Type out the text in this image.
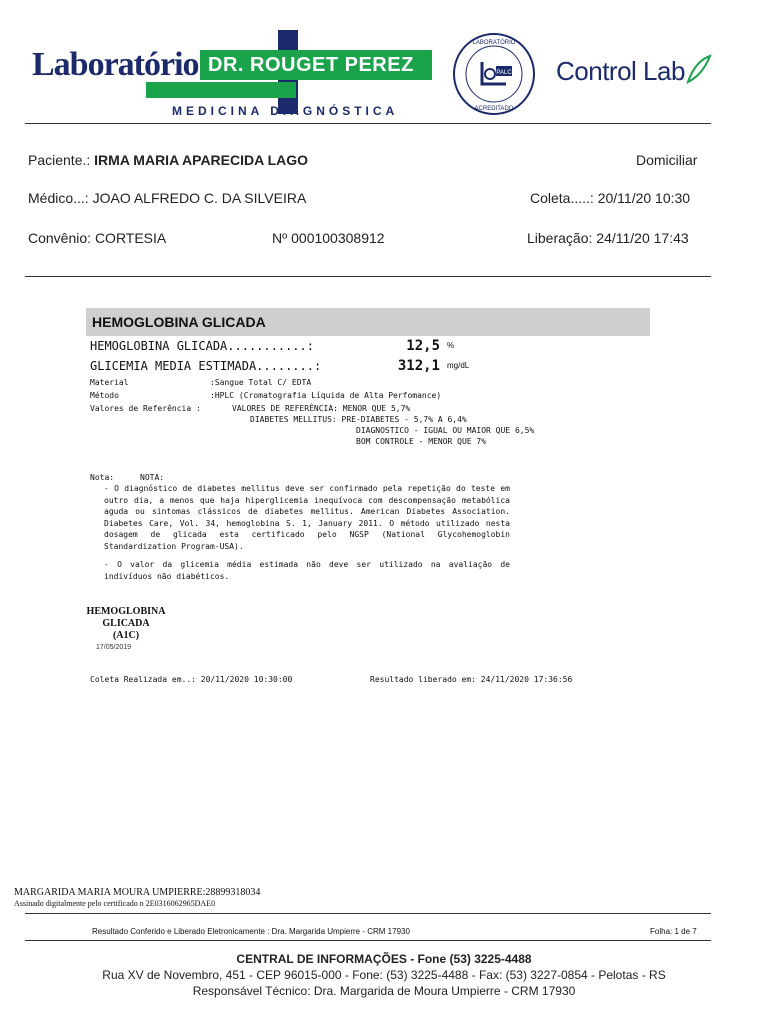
Laboratório DR. ROUGET PEREZ
MEDICINA DIAGNÓSTICA
PALC
LABORATÓRIO
ACREDITADO
Control Lab
Paciente.: IRMA MARIA APARECIDA LAGO	Domiciliar
Médico...: JOAO ALFREDO C. DA SILVEIRA	Coleta.....: 20/11/20 10:30
Convênio: CORTESIA	Nº 000100308912	Liberação: 24/11/20 17:43
HEMOGLOBINA GLICADA
HEMOGLOBINA GLICADA...........:	12,5 %
GLICEMIA MEDIA ESTIMADA........:	312,1 mg/dL
Material	:Sangue Total C/ EDTA
Método	:HPLC (Cromatografia Líquida de Alta Perfomance)
Valores de Referência :	VALORES DE REFERÊNCIA: MENOR QUE 5,7%
DIABETES MELLITUS: PRE-DIABETES - 5,7% A 6,4%
DIAGNOSTICO - IGUAL OU MAIOR QUE 6,5%
BOM CONTROLE - MENOR QUE 7%
Nota:	NOTA:
- O diagnóstico de diabetes mellitus deve ser confirmado pela repetição do teste em outro dia, a menos que haja hiperglicemia inequívoca com descompensação metabólica aguda ou sintomas clássicos de diabetes mellitus. American Diabetes Association. Diabetes Care, Vol. 34, hemoglobina S. 1, January 2011. O método utilizado nesta dosagem de glicada esta certificado pelo NGSP (National Glycohemoglobin Standardization Program-USA).
- O valor da glicemia média estimada não deve ser utilizado na avaliação de indivíduos não diabéticos.
HEMOGLOBINA
GLICADA
(A1C)
17/05/2019
Coleta Realizada em..: 20/11/2020 10:30:00	Resultado liberado em: 24/11/2020 17:36:56
MARGARIDA MARIA MOURA UMPIERRE:28899318034
Assinado digitalmente pelo certificado n 2E0316062965DAE0
Resultado Conferido e Liberado Eletronicamente : Dra. Margarida Umpierre - CRM 17930	Folha: 1 de 7
CENTRAL DE INFORMAÇÕES - Fone (53) 3225-4488
Rua XV de Novembro, 451 - CEP 96015-000 - Fone: (53) 3225-4488 - Fax: (53) 3227-0854 - Pelotas - RS
Responsável Técnico: Dra. Margarida de Moura Umpierre - CRM 17930
